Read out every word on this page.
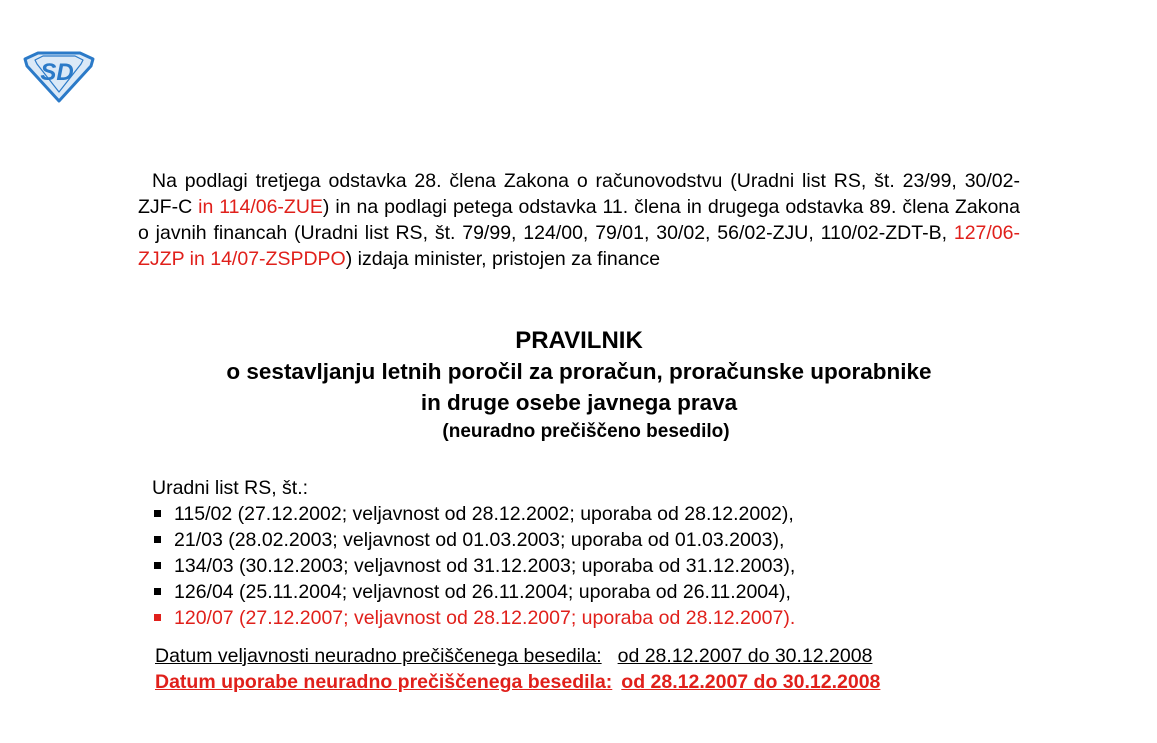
SD
Na podlagi tretjega odstavka 28. člena Zakona o računovodstvu (Uradni list RS, št. 23/99, 30/02-ZJF-C in 114/06-ZUE) in na podlagi petega odstavka 11. člena in drugega odstavka 89. člena Zakona o javnih financah (Uradni list RS, št. 79/99, 124/00, 79/01, 30/02, 56/02-ZJU, 110/02-ZDT-B, 127/06-ZJZP in 14/07-ZSPDPO) izdaja minister, pristojen za finance
PRAVILNIK
o sestavljanju letnih poročil za proračun, proračunske uporabnike
in druge osebe javnega prava
(neuradno prečiščeno besedilo)
Uradni list RS, št.:
115/02 (27.12.2002; veljavnost od 28.12.2002; uporaba od 28.12.2002),
21/03 (28.02.2003; veljavnost od 01.03.2003; uporaba od 01.03.2003),
134/03 (30.12.2003; veljavnost od 31.12.2003; uporaba od 31.12.2003),
126/04 (25.11.2004; veljavnost od 26.11.2004; uporaba od 26.11.2004),
120/07 (27.12.2007; veljavnost od 28.12.2007; uporaba od 28.12.2007).
Datum veljavnosti neuradno prečiščenega besedila: od 28.12.2007 do 30.12.2008
Datum uporabe neuradno prečiščenega besedila: od 28.12.2007 do 30.12.2008
